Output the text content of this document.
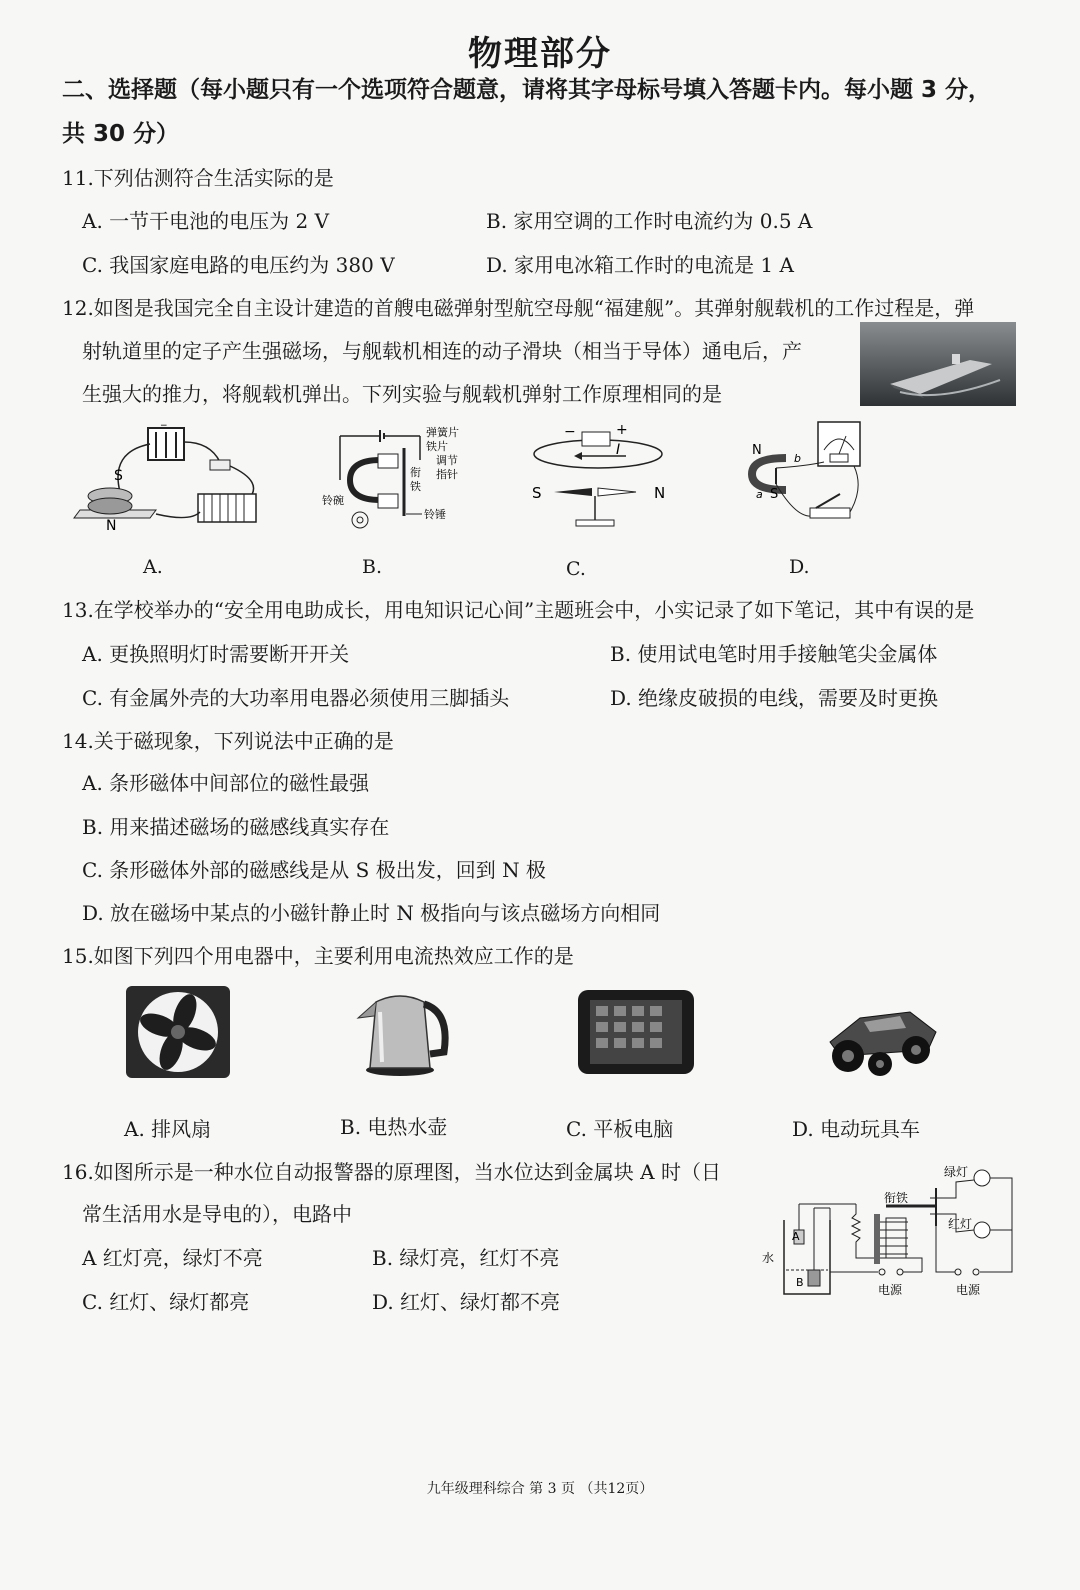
物理部分
二、选择题（每小题只有一个选项符合题意，请将其字母标号填入答题卡内。每小题 3 分，
共 30 分）
11.下列估测符合生活实际的是
A. 一节干电池的电压为 2 V	B. 家用空调的工作时电流约为 0.5 A
C. 我国家庭电路的电压约为 380 V	D. 家用电冰箱工作时的电流是 1 A
12.如图是我国完全自主设计建造的首艘电磁弹射型航空母舰“福建舰”。其弹射舰载机的工作过程是，弹
射轨道里的定子产生强磁场，与舰载机相连的动子滑块（相当于导体）通电后，产
生强大的推力，将舰载机弹出。下列实验与舰载机弹射工作原理相同的是
−
S
N
A.
弹簧片
铁片
调节
指针
衔
铁
铃碗
铃锤
B.
−	+
I
S	N
C.
N
S
b
a
D.
13.在学校举办的“安全用电助成长，用电知识记心间”主题班会中，小实记录了如下笔记，其中有误的是
A. 更换照明灯时需要断开开关	B. 使用试电笔时用手接触笔尖金属体
C. 有金属外壳的大功率用电器必须使用三脚插头	D. 绝缘皮破损的电线，需要及时更换
14.关于磁现象，下列说法中正确的是
A. 条形磁体中间部位的磁性最强
B. 用来描述磁场的磁感线真实存在
C. 条形磁体外部的磁感线是从 S 极出发，回到 N 极
D. 放在磁场中某点的小磁针静止时 N 极指向与该点磁场方向相同
15.如图下列四个用电器中，主要利用电流热效应工作的是
A. 排风扇	B. 电热水壶	C. 平板电脑	D. 电动玩具车
16.如图所示是一种水位自动报警器的原理图，当水位达到金属块 A 时（日
常生活用水是导电的），电路中
A 红灯亮，绿灯不亮	B. 绿灯亮，红灯不亮
C. 红灯、绿灯都亮	D. 红灯、绿灯都不亮
A
B
水
电源
衔铁
绿灯
红灯
电源
九年级理科综合 第 3 页 （共12页）
